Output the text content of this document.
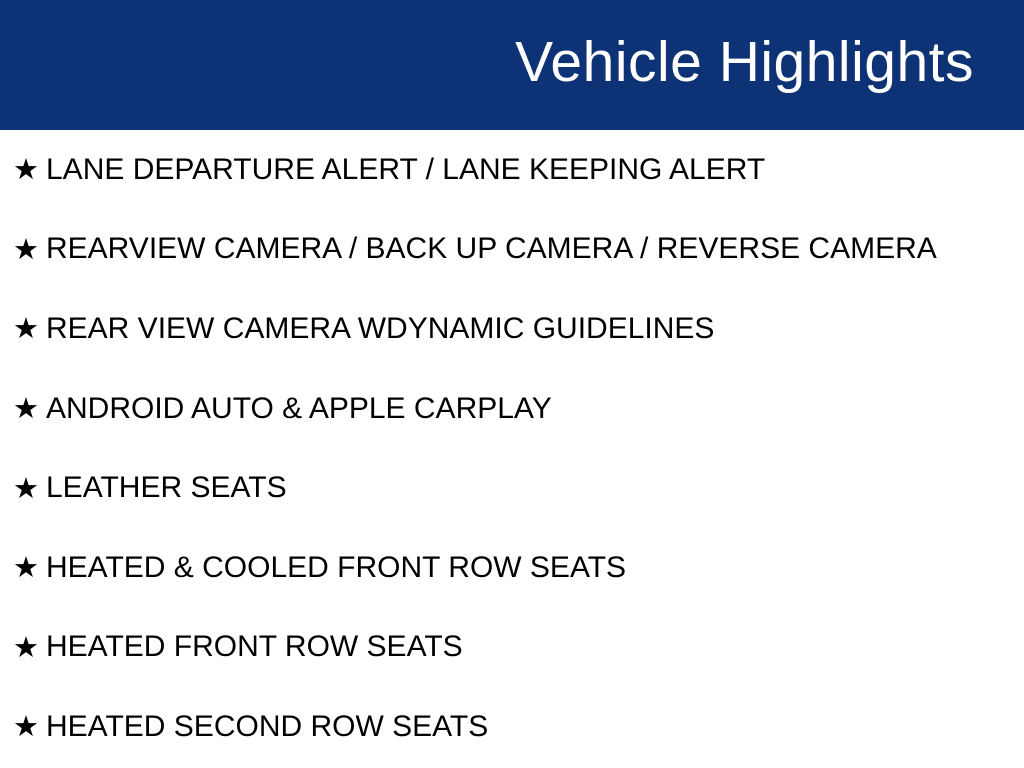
Vehicle Highlights
★ LANE DEPARTURE ALERT / LANE KEEPING ALERT
★ REARVIEW CAMERA / BACK UP CAMERA / REVERSE CAMERA
★ REAR VIEW CAMERA WDYNAMIC GUIDELINES
★ ANDROID AUTO & APPLE CARPLAY
★ LEATHER SEATS
★ HEATED & COOLED FRONT ROW SEATS
★ HEATED FRONT ROW SEATS
★ HEATED SECOND ROW SEATS
